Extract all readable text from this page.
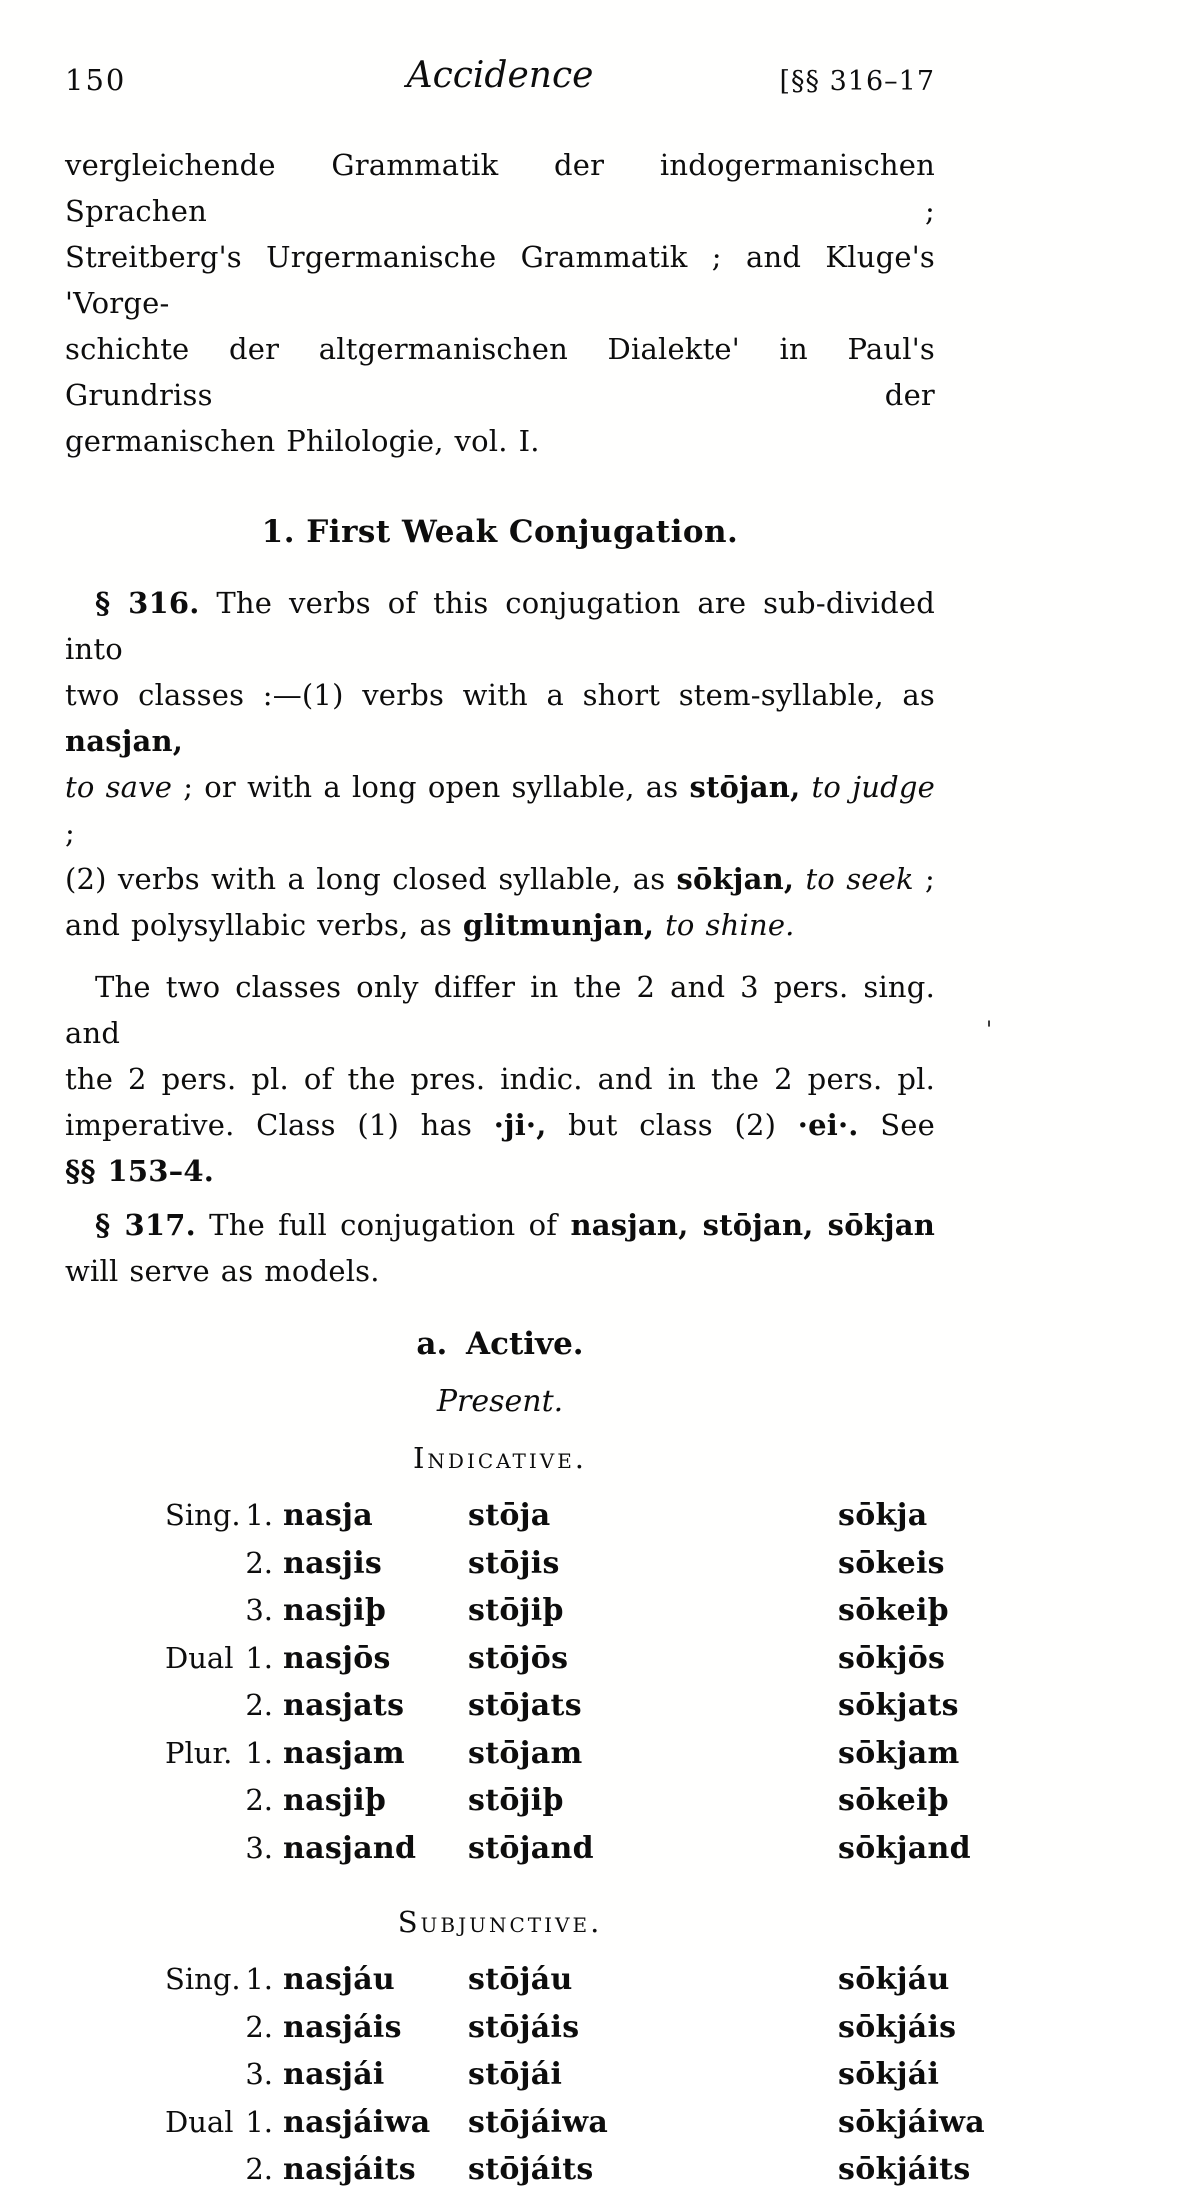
150	Accidence	[§§ 316–17
vergleichende Grammatik der indogermanischen Sprachen ;
Streitberg's Urgermanische Grammatik ; and Kluge's 'Vorge-
schichte der altgermanischen Dialekte' in Paul's Grundriss der
germanischen Philologie, vol. I.
1. First Weak Conjugation.
§ 316. The verbs of this conjugation are sub-divided into
two classes :—(1) verbs with a short stem-syllable, as nasjan,
to save ; or with a long open syllable, as stōjan, to judge ;
(2) verbs with a long closed syllable, as sōkjan, to seek ;
and polysyllabic verbs, as glitmunjan, to shine.
The two classes only differ in the 2 and 3 pers. sing. and
the 2 pers. pl. of the pres. indic. and in the 2 pers. pl.
imperative. Class (1) has ·ji·, but class (2) ·ei·. See
§§ 153–4.
§ 317. The full conjugation of nasjan, stōjan, sōkjan
will serve as models.
a. Active.
Present.
Indicative.
Sing. 1. nasja	stōja	sōkja
2. nasjis	stōjis	sōkeis
3. nasjiþ	stōjiþ	sōkeiþ
Dual 1. nasjōs	stōjōs	sōkjōs
2. nasjats	stōjats	sōkjats
Plur. 1. nasjam	stōjam	sōkjam
2. nasjiþ	stōjiþ	sōkeiþ
3. nasjand	stōjand	sōkjand
Subjunctive.
Sing. 1. nasjáu	stōjáu	sōkjáu
2. nasjáis	stōjáis	sōkjáis
3. nasjái	stōjái	sōkjái
Dual 1. nasjáiwa	stōjáiwa	sōkjáiwa
2. nasjáits	stōjáits	sōkjáits
'
